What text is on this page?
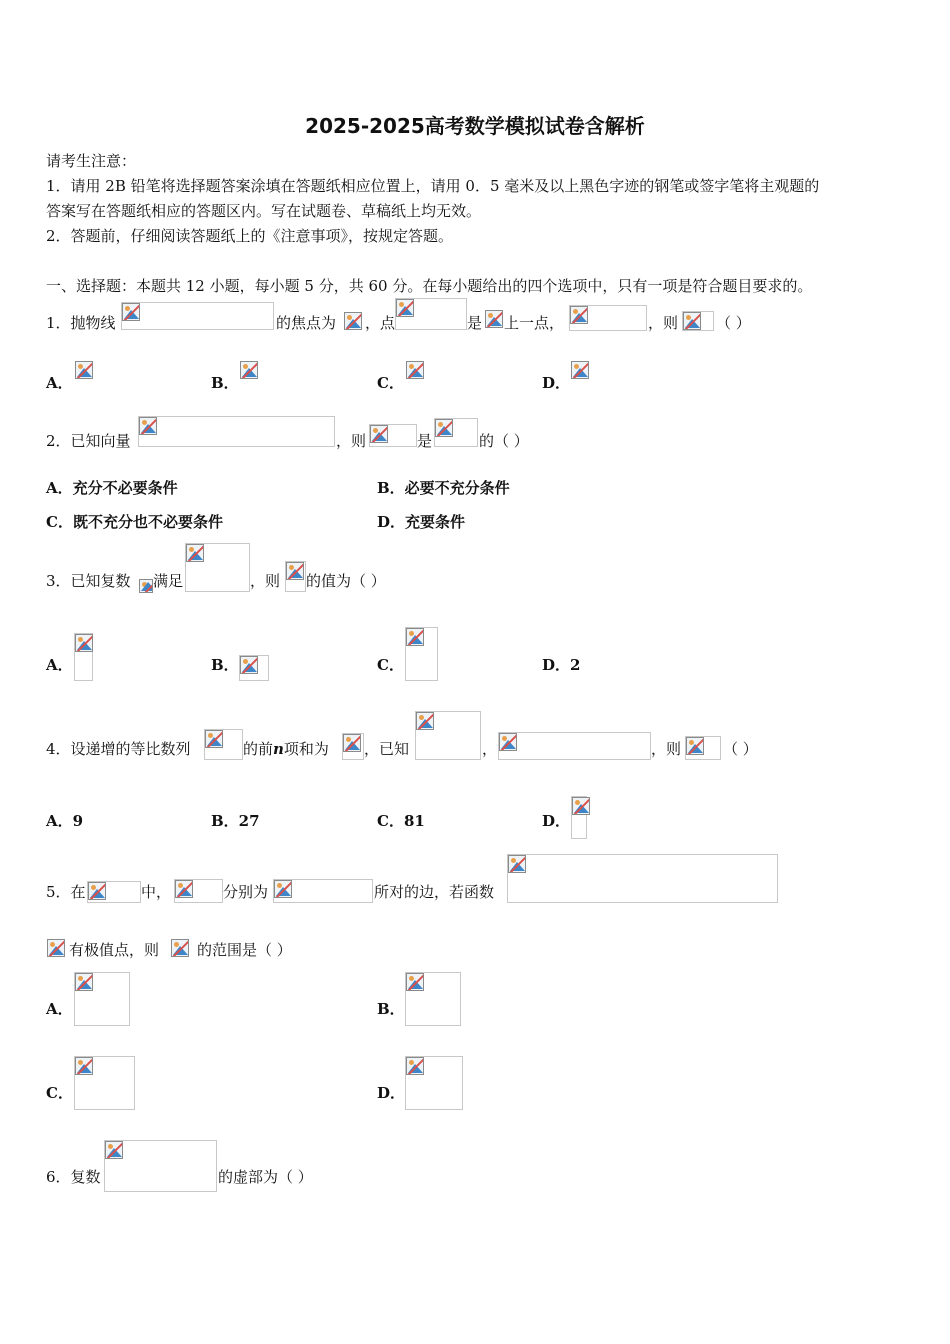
2025-2025高考数学模拟试卷含解析
请考生注意：
1．请用 2B 铅笔将选择题答案涂填在答题纸相应位置上，请用 0．5 毫米及以上黑色字迹的钢笔或签字笔将主观题的
答案写在答题纸相应的答题区内。写在试题卷、草稿纸上均无效。
2．答题前，仔细阅读答题纸上的《注意事项》，按规定答题。
一、选择题：本题共 12 小题，每小题 5 分，共 60 分。在每小题给出的四个选项中，只有一项是符合题目要求的。
1．抛物线	的焦点为 ，点	是 上一点，	，则	（ ）
A．	B．	C．	D．
2．已知向量	，则	是	的（ ）
A．充分不必要条件	B．必要不充分条件
C．既不充分也不必要条件	D．充要条件
3．已知复数 满足	，则 的值为（ ）
A．	B．	C．	D．2
4．设递增的等比数列	的前n项和为 ，已知	，	，则	（ ）
A．9	B．27	C．81	D．
5．在	中，	分别为	所对的边，若函数
有极值点，则	的范围是（ ）
A．	B．
C．	D．
6．复数	的虚部为（ ）
